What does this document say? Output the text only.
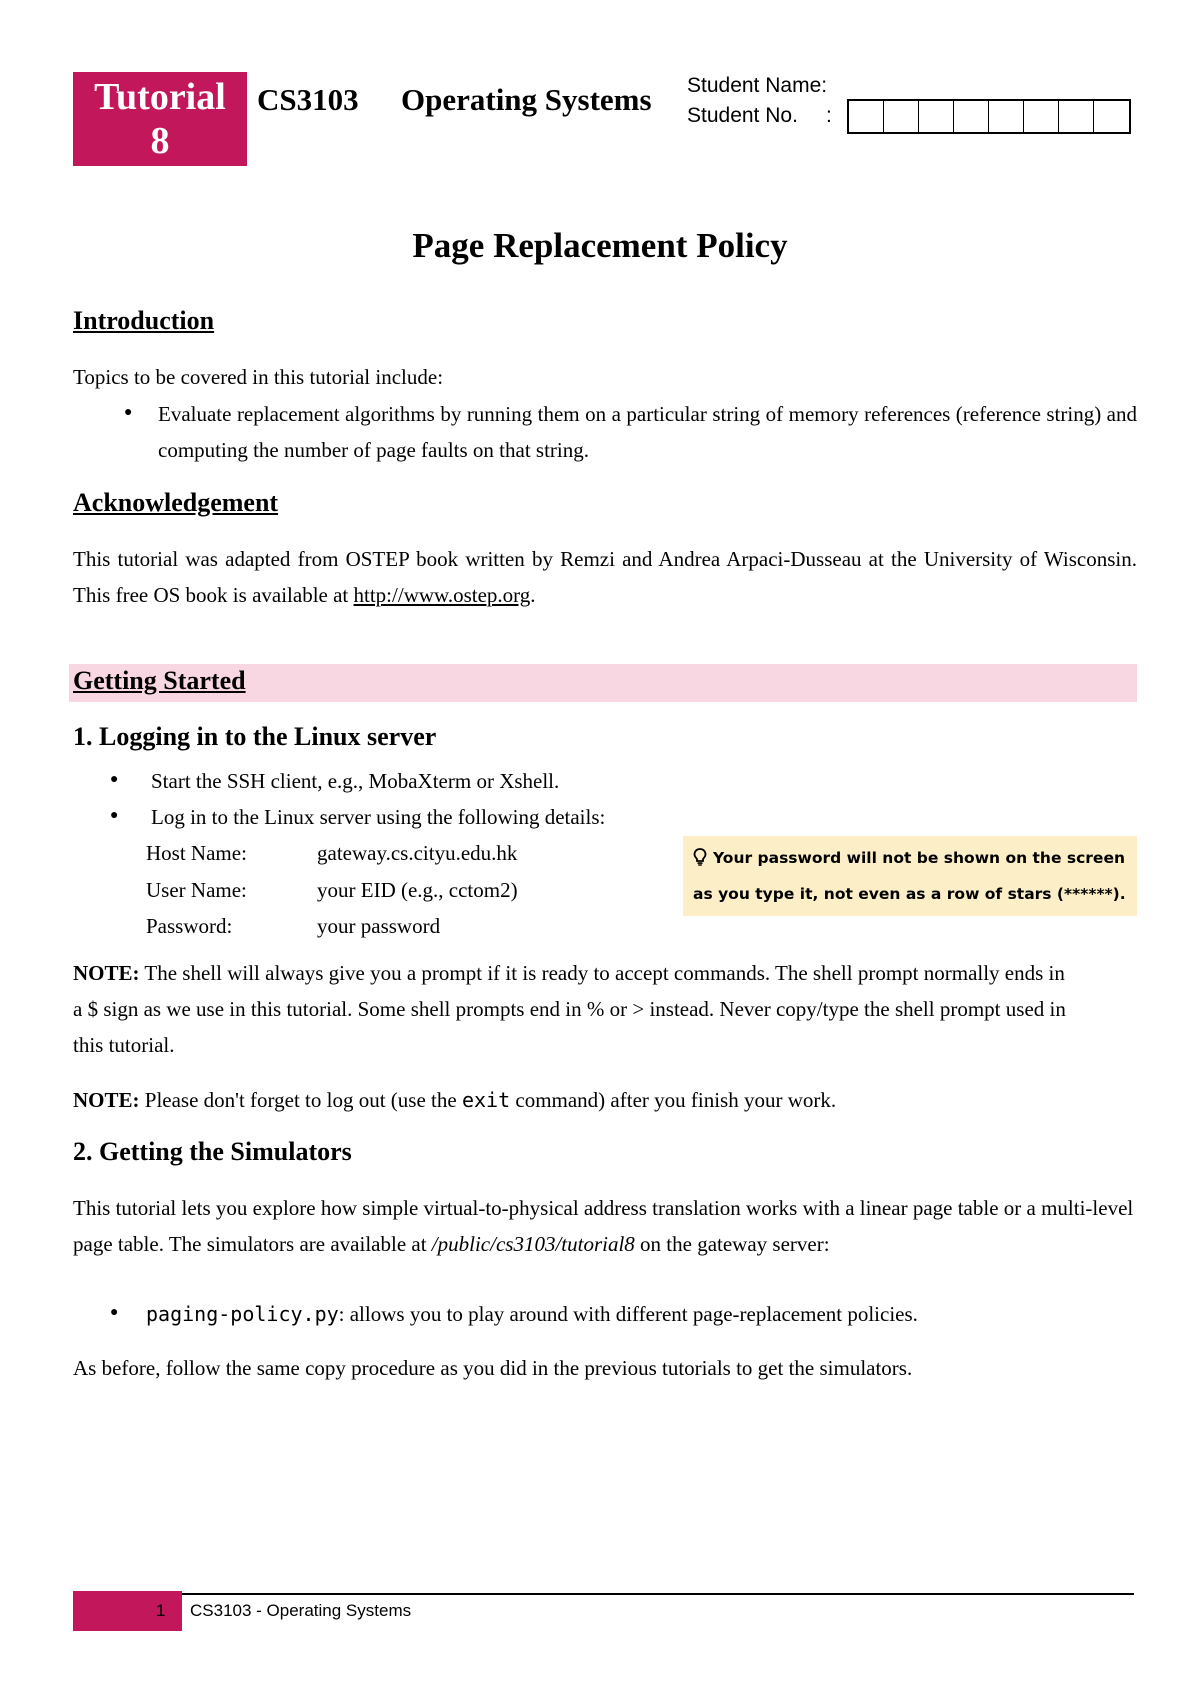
Tutorial
8
CS3103 Operating Systems Student Name:
Student No. :
Page Replacement Policy
Introduction
Topics to be covered in this tutorial include:
● Evaluate replacement algorithms by running them on a particular string of memory references (reference string) and computing the number of page faults on that string.
Acknowledgement
This tutorial was adapted from OSTEP book written by Remzi and Andrea Arpaci-Dusseau at the University of Wisconsin. This free OS book is available at http://www.ostep.org.
Getting Started
1. Logging in to the Linux server
● Start the SSH client, e.g., MobaXterm or Xshell.
● Log in to the Linux server using the following details:
Host Name:	gateway.cs.cityu.edu.hk
User Name:	your EID (e.g., cctom2)
Password:	your password
Your password will not be shown on the screen
as you type it, not even as a row of stars (******).
NOTE: The shell will always give you a prompt if it is ready to accept commands. The shell prompt normally ends in a $ sign as we use in this tutorial. Some shell prompts end in % or > instead. Never copy/type the shell prompt used in this tutorial.
NOTE: Please don't forget to log out (use the exit command) after you finish your work.
2. Getting the Simulators
This tutorial lets you explore how simple virtual-to-physical address translation works with a linear page table or a multi-level page table. The simulators are available at /public/cs3103/tutorial8 on the gateway server:
● paging-policy.py: allows you to play around with different page-replacement policies.
As before, follow the same copy procedure as you did in the previous tutorials to get the simulators.
1 CS3103 - Operating Systems
